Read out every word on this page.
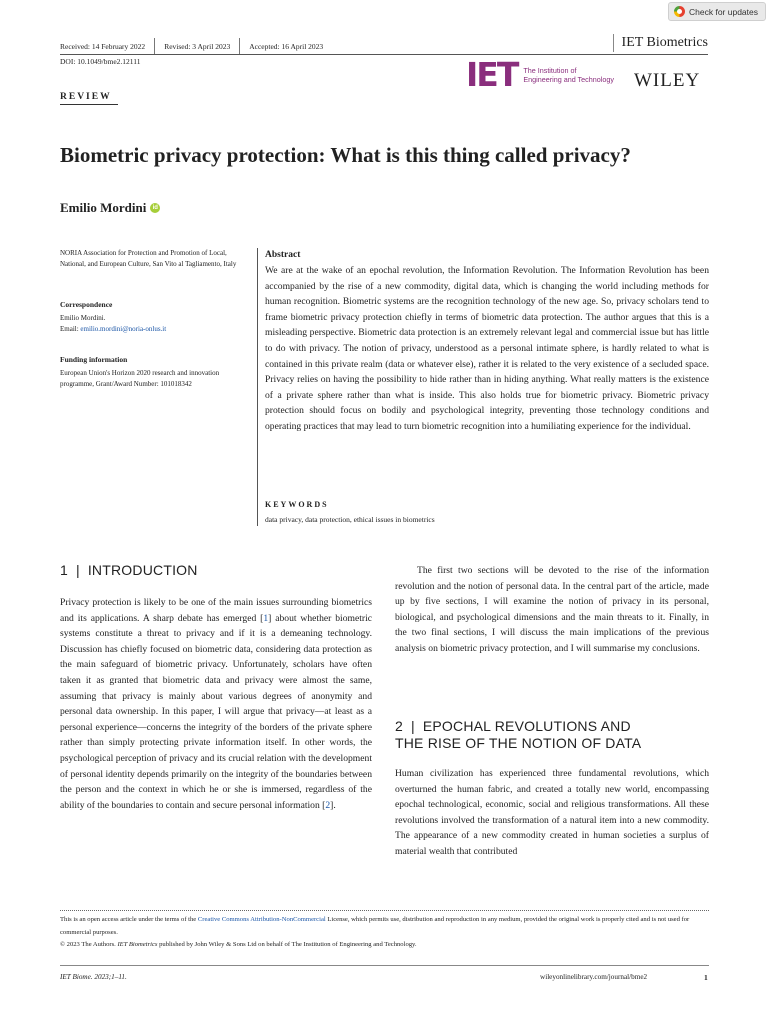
Check for updates
Received: 14 February 2022	Revised: 3 April 2023	Accepted: 16 April 2023	IET Biometrics
DOI: 10.1049/bme2.12111	IET The Institution of
Engineering and Technology WILEY
REVIEW
Biometric privacy protection: What is this thing called privacy?
Emilio Mordini	id
NORIA Association for Protection and Promotion of Local, National, and European Culture, San Vito al Tagliamento, Italy
Correspondence
Emilio Mordini.
Email: emilio.mordini@noria-onlus.it
Funding information
European Union's Horizon 2020 research and innovation programme, Grant/Award Number: 101018342
Abstract
We are at the wake of an epochal revolution, the Information Revolution. The Information Revolution has been accompanied by the rise of a new commodity, digital data, which is changing the world including methods for human recognition. Biometric systems are the recognition technology of the new age. So, privacy scholars tend to frame biometric privacy protection chiefly in terms of biometric data protection. The author argues that this is a misleading perspective. Biometric data protection is an extremely relevant legal and commercial issue but has little to do with privacy. The notion of privacy, understood as a personal intimate sphere, is hardly related to what is contained in this private realm (data or whatever else), rather it is related to the very existence of a secluded space. Privacy relies on having the possibility to hide rather than in hiding anything. What really matters is the existence of a private sphere rather than what is inside. This also holds true for biometric privacy. Biometric privacy protection should focus on bodily and psychological integrity, preventing those technology conditions and operating practices that may lead to turn biometric recognition into a humiliating experience for the individual.
KEYWORDS
data privacy, data protection, ethical issues in biometrics
1 | INTRODUCTION
Privacy protection is likely to be one of the main issues surrounding biometrics and its applications. A sharp debate has emerged [1] about whether biometric systems constitute a threat to privacy and if it is a demeaning technology. Discussion has chiefly focused on biometric data, considering data protection as the main safeguard of biometric privacy. Unfortunately, scholars have often taken it as granted that biometric data and privacy were almost the same, assuming that privacy is mainly about various degrees of anonymity and personal data ownership. In this paper, I will argue that privacy—at least as a personal experience—concerns the integrity of the borders of the private sphere rather than simply protecting private information itself. In other words, the psychological perception of privacy and its crucial relation with the development of personal identity depends primarily on the integrity of the boundaries between the person and the context in which he or she is immersed, regardless of the ability of the boundaries to contain and secure personal information [2].
The first two sections will be devoted to the rise of the information revolution and the notion of personal data. In the central part of the article, made up by five sections, I will examine the notion of privacy in its personal, biological, and psychological dimensions and the main threats to it. Finally, in the two final sections, I will discuss the main implications of the previous analysis on biometric privacy protection, and I will summarise my conclusions.
2 | EPOCHAL REVOLUTIONS AND
THE RISE OF THE NOTION OF DATA
Human civilization has experienced three fundamental revolutions, which overturned the human fabric, and created a totally new world, encompassing epochal technological, economic, social and religious transformations. All these revolutions involved the transformation of a natural item into a new commodity. The appearance of a new commodity created in human societies a surplus of material wealth that contributed
This is an open access article under the terms of the Creative Commons Attribution-NonCommercial License, which permits use, distribution and reproduction in any medium, provided the original work is properly cited and is not used for commercial purposes.
© 2023 The Authors. IET Biometrics published by John Wiley & Sons Ltd on behalf of The Institution of Engineering and Technology.
IET Biome. 2023;1–11.	wileyonlinelibrary.com/journal/bme2	1
